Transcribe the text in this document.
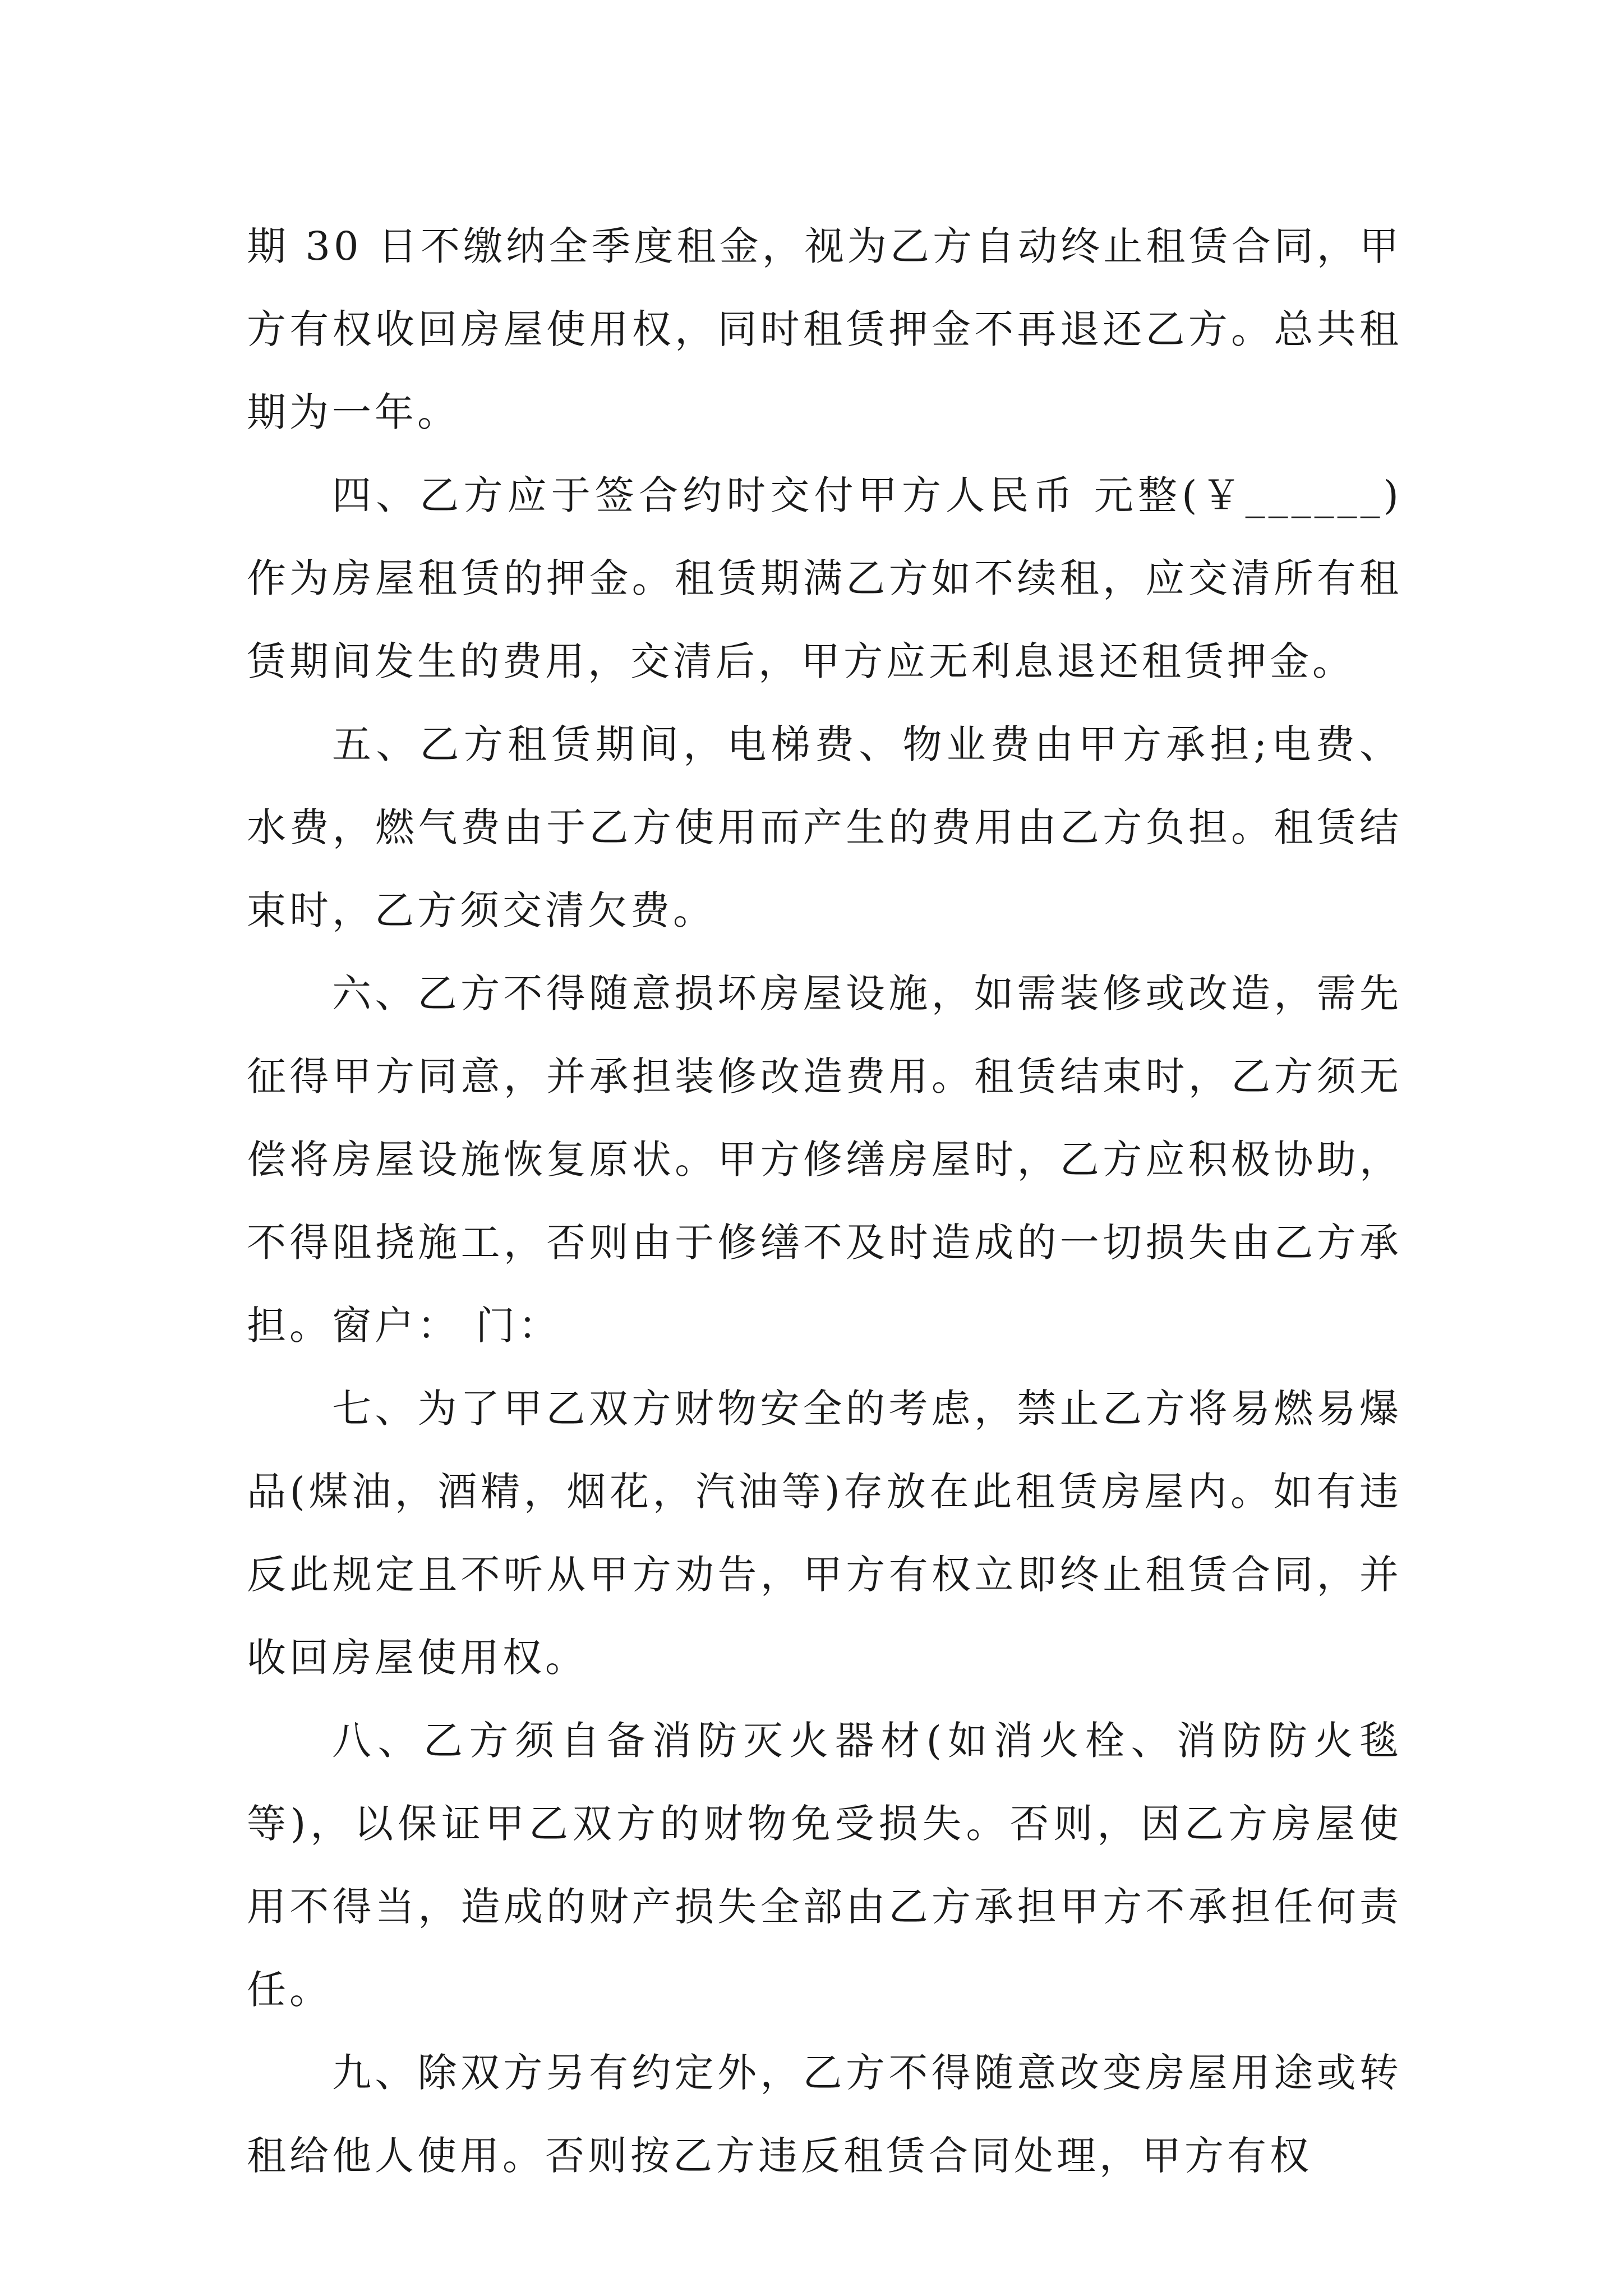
期 30 日不缴纳全季度租金，视为乙方自动终止租赁合同，甲方有权收回房屋使用权，同时租赁押金不再退还乙方。总共租期为一年。

四、乙方应于签合约时交付甲方人民币 元整(￥______)作为房屋租赁的押金。租赁期满乙方如不续租，应交清所有租赁期间发生的费用，交清后，甲方应无利息退还租赁押金。

五、乙方租赁期间，电梯费、物业费由甲方承担;电费、水费，燃气费由于乙方使用而产生的费用由乙方负担。租赁结束时，乙方须交清欠费。

六、乙方不得随意损坏房屋设施，如需装修或改造，需先征得甲方同意，并承担装修改造费用。租赁结束时，乙方须无偿将房屋设施恢复原状。甲方修缮房屋时，乙方应积极协助，不得阻挠施工，否则由于修缮不及时造成的一切损失由乙方承担。窗户： 门：

七、为了甲乙双方财物安全的考虑，禁止乙方将易燃易爆品(煤油，酒精，烟花，汽油等)存放在此租赁房屋内。如有违反此规定且不听从甲方劝告，甲方有权立即终止租赁合同，并收回房屋使用权。

八、乙方须自备消防灭火器材(如消火栓、消防防火毯等)，以保证甲乙双方的财物免受损失。否则，因乙方房屋使用不得当，造成的财产损失全部由乙方承担甲方不承担任何责任。

九、除双方另有约定外，乙方不得随意改变房屋用途或转租给他人使用。否则按乙方违反租赁合同处理，甲方有权
